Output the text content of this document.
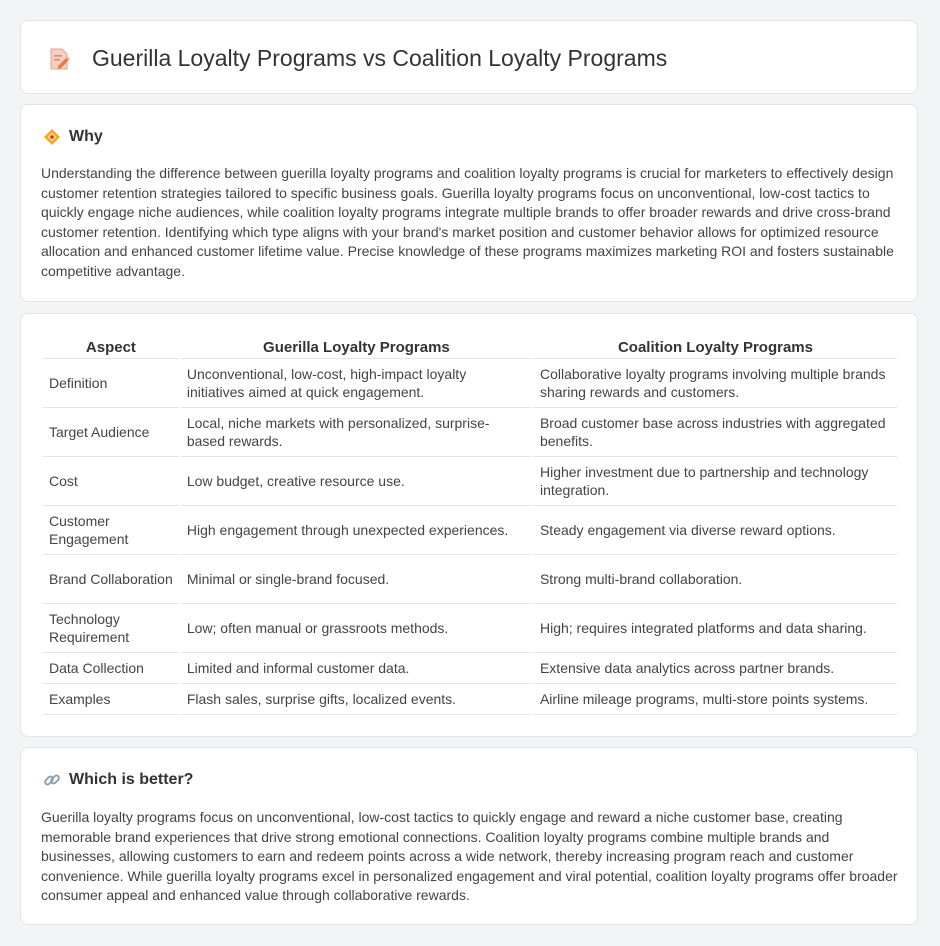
Guerilla Loyalty Programs vs Coalition Loyalty Programs
Why

Understanding the difference between guerilla loyalty programs and coalition loyalty programs is crucial for marketers to effectively design customer retention strategies tailored to specific business goals. Guerilla loyalty programs focus on unconventional, low-cost tactics to quickly engage niche audiences, while coalition loyalty programs integrate multiple brands to offer broader rewards and drive cross-brand customer retention. Identifying which type aligns with your brand's market position and customer behavior allows for optimized resource allocation and enhanced customer lifetime value. Precise knowledge of these programs maximizes marketing ROI and fosters sustainable competitive advantage.

Aspect	Guerilla Loyalty Programs	Coalition Loyalty Programs
Definition	Unconventional, low-cost, high-impact loyalty initiatives aimed at quick engagement.	Collaborative loyalty programs involving multiple brands sharing rewards and customers.
Target Audience	Local, niche markets with personalized, surprise-based rewards.	Broad customer base across industries with aggregated benefits.
Cost	Low budget, creative resource use.	Higher investment due to partnership and technology integration.
Customer Engagement	High engagement through unexpected experiences.	Steady engagement via diverse reward options.
Brand Collaboration	Minimal or single-brand focused.	Strong multi-brand collaboration.
Technology Requirement	Low; often manual or grassroots methods.	High; requires integrated platforms and data sharing.
Data Collection	Limited and informal customer data.	Extensive data analytics across partner brands.
Examples	Flash sales, surprise gifts, localized events.	Airline mileage programs, multi-store points systems.
Which is better?

Guerilla loyalty programs focus on unconventional, low-cost tactics to quickly engage and reward a niche customer base, creating memorable brand experiences that drive strong emotional connections. Coalition loyalty programs combine multiple brands and businesses, allowing customers to earn and redeem points across a wide network, thereby increasing program reach and customer convenience. While guerilla loyalty programs excel in personalized engagement and viral potential, coalition loyalty programs offer broader consumer appeal and enhanced value through collaborative rewards.
